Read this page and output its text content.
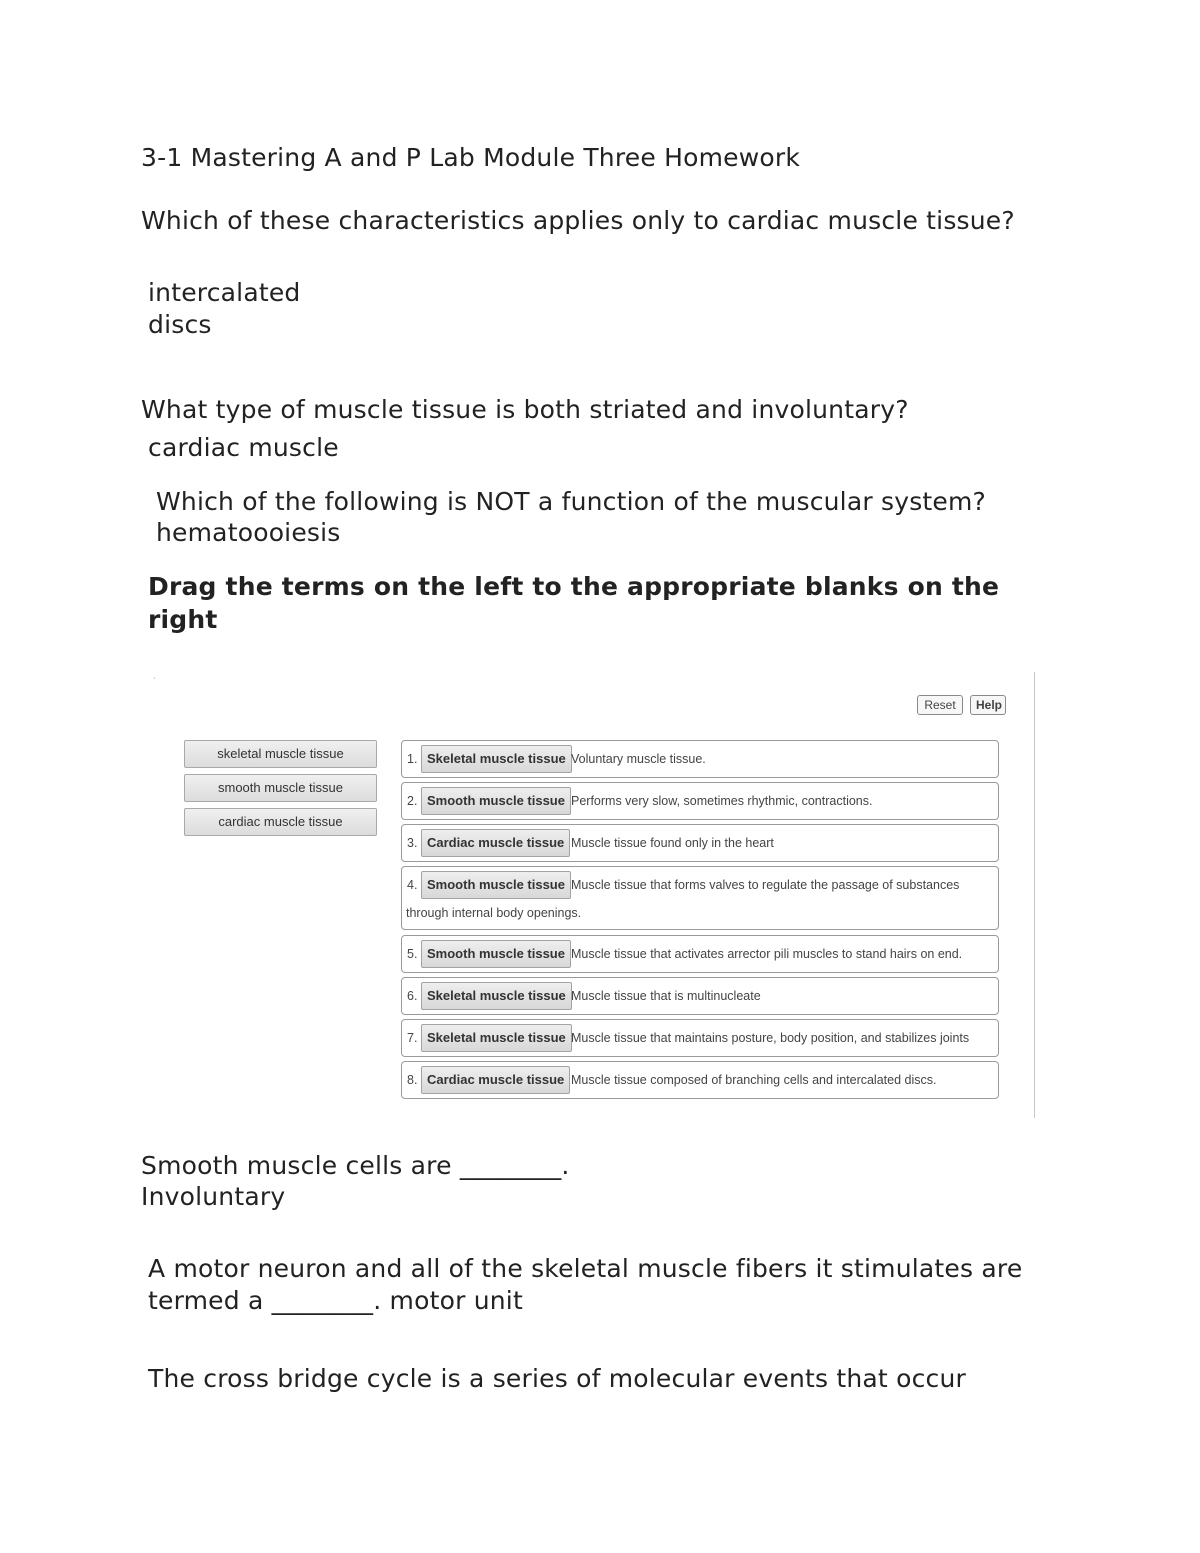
3-1 Mastering A and P Lab Module Three Homework
Which of these characteristics applies only to cardiac muscle tissue?
intercalated discs
What type of muscle tissue is both striated and involuntary?
cardiac muscle
Which of the following is NOT a function of the muscular system?
hematoooiesis
Drag the terms on the left to the appropriate blanks on the right
·
Reset	Help
skeletal muscle tissue
smooth muscle tissue
cardiac muscle tissue
1. Skeletal muscle tissue Voluntary muscle tissue.
2. Smooth muscle tissue Performs very slow, sometimes rhythmic, contractions.
3. Cardiac muscle tissue Muscle tissue found only in the heart
4. Smooth muscle tissue Muscle tissue that forms valves to regulate the passage of substances
through internal body openings.
5. Smooth muscle tissue Muscle tissue that activates arrector pili muscles to stand hairs on end.
6. Skeletal muscle tissue Muscle tissue that is multinucleate
7. Skeletal muscle tissue Muscle tissue that maintains posture, body position, and stabilizes joints
8. Cardiac muscle tissue Muscle tissue composed of branching cells and intercalated discs.
Smooth muscle cells are ________.
Involuntary
A motor neuron and all of the skeletal muscle fibers it stimulates are termed a ________. motor unit
The cross bridge cycle is a series of molecular events that occur
